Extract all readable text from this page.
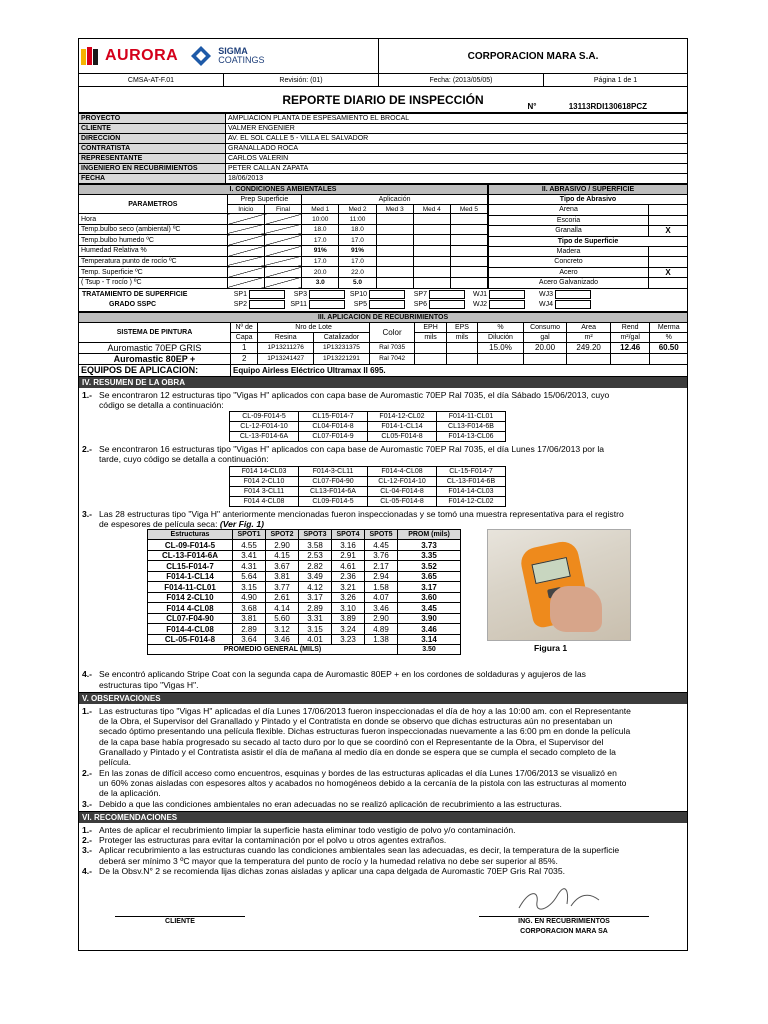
AURORA SIGMA
COATINGS		CORPORACION MARA S.A.	
CMSA-AT-F.01	Revisión: (01)	Fecha: (2013/05/05)	Página 1 de 1

REPORTE DIARIO DE INSPECCIÓN N° 13113RDI130618PCZ			
PROYECTO	AMPLIACION PLANTA DE ESPESAMIENTO EL BROCAL
CLIENTE	VALMER ENGENIER
DIRECCION	AV. EL SOL CALLE 5 - VILLA EL SALVADOR
CONTRATISTA	GRANALLADO ROCA
REPRESENTANTE	CARLOS VALERIN
INGENIERO EN RECUBRIMIENTOS	PETER CALLAN ZAPATA
FECHA	18/06/2013
I. CONDICIONES AMBIENTALES							
PARAMETROS	Prep Superficie		Aplicación				
	Inicio	Final	Med 1	Med 2	Med 3	Med 4	Med 5
Hora			10:00	11:00			
Temp.bulbo seco (ambiental) ºC			18.0	18.0			
Temp.bulbo humedo ºC			17.0	17.0			
Humedad Relativa %			91%	91%			
Temperatura punto de rocío ºC			17.0	17.0			
Temp. Superficie ºC			20.0	22.0			
( Tsup - T rocío ) ºC			3.0	5.0			
II. ABRASIVO / SUPERFICIE	
Tipo de Abrasivo	
Arena	
Escoria	
Granalla	X
Tipo de Superficie	
Madera	
Concreto	
Acero	X
Acero Galvanizado	
TRATAMIENTO DE SUPERFICIE
GRADO SSPC
SP1	SP3	SP10	SP7	WJ1	WJ3
SP2	SP11	SP5	SP6	WJ2	WJ4
III. APLICACION DE RECUBRIMIENTOS											
SISTEMA DE PINTURA	Nº de	Nro de Lote		Color	EPH	EPS	%	Consumo	Area	Rend	Merma
	Capa	Resina	Catalizador		mils	mils	Dilución	gal	m²	m²/gal	%
Auromastic 70EP GRIS	1	1P13211276	1P13231375	Ral 7035			15.0%	20.00	249.20	12.46	60.50
Auromastic 80EP +	2	1P13241427	1P13221291	Ral 7042							
EQUIPOS DE APLICACION:	Equipo Airless Eléctrico Ultramax II 695.										
IV. RESUMEN DE LA OBRA
1.- Se encontraron 12 estructuras tipo "Vigas H" aplicados con capa base de Auromastic 70EP Ral 7035, el día Sábado 15/06/2013, cuyo
código se detalla a continuación:
CL-09-F014-5	CL15-F014-7	F014-12-CL02	F014-11-CL01
CL-12-F014-10	CL04-F014-8	F014-1-CL14	CL13-F014-6B
CL-13-F014-6A	CL07-F014-9	CL05-F014-8	F014-13-CL06
2.- Se encontraron 16 estructuras tipo "Vigas H" aplicados con capa base de Auromastic 70EP Ral 7035, el día Lunes 17/06/2013 por la
tarde, cuyo código se detalla a continuación:
F014 14-CL03	F014-3-CL11	F014-4-CL08	CL-15-F014-7
F014 2-CL10	CL07-F04-90	CL-12-F014-10	CL-13-F014-6B
F014 3-CL11	CL13-F014-6A	CL-04-F014-8	F014-14-CL03
F014 4-CL08	CL09-F014-5	CL-05-F014-8	F014-12-CL02
3.- Las 28 estructuras tipo "Viga H" anteriormente mencionadas fueron inspeccionadas y se tomó una muestra representativa para el registro
de espesores de película seca: (Ver Fig. 1)
Estructuras	SPOT1	SPOT2	SPOT3	SPOT4	SPOT5	PROM (mils)
CL-09-F014-5	4.55	2.90	3.58	3.16	4.45	3.73
CL-13-F014-6A	3.41	4.15	2.53	2.91	3.76	3.35
CL15-F014-7	4.31	3.67	2.82	4.61	2.17	3.52
F014-1-CL14	5.64	3.81	3.49	2.36	2.94	3.65
F014-11-CL01	3.15	3.77	4.12	3.21	1.58	3.17
F014 2-CL10	4.90	2.61	3.17	3.26	4.07	3.60
F014 4-CL08	3.68	4.14	2.89	3.10	3.46	3.45
CL07-F04-90	3.81	5.60	3.31	3.89	2.90	3.90
F014-4-CL08	2.89	3.12	3.15	3.24	4.89	3.46
CL-05-F014-8	3.64	3.46	4.01	3.23	1.38	3.14
PROMEDIO GENERAL (MILS)						3.50	Figura 1
4.- Se encontró aplicando Stripe Coat con la segunda capa de Auromastic 80EP + en los cordones de soldaduras y agujeros de las
estructuras tipo "Vigas H".
V. OBSERVACIONES
1.- Las estructuras tipo "Vigas H" aplicadas el día Lunes 17/06/2013 fueron inspeccionadas el día de hoy a las 10:00 am. con el Representante
de la Obra, el Supervisor del Granallado y Pintado y el Contratista en donde se observo que dichas estructuras aún no presentaban un
secado óptimo presentando una película flexible. Dichas estructuras fueron inspeccionadas nuevamente a las 6:00 pm en donde la película
de la capa base había progresado su secado al tacto duro por lo que se coordinó con el Representante de la Obra, el Supervisor del
Granallado y Pintado y el Contratista asistir el día de mañana al medio día en donde se espera que se cumpla el secado completo de la
película.
2.- En las zonas de difícil acceso como encuentros, esquinas y bordes de las estructuras aplicadas el día Lunes 17/06/2013 se visualizó en
un 60% zonas aisladas con espesores altos y acabados no homogéneos debido a la cercanía de la pistola con las estructuras al momento
de la aplicación.
3.- Debido a que las condiciones ambientales no eran adecuadas no se realizó aplicación de recubrimiento a las estructuras.
VI. RECOMENDACIONES
1.- Antes de aplicar el recubrimiento limpiar la superficie hasta eliminar todo vestigio de polvo y/o contaminación.
2.- Proteger las estructuras para evitar la contaminación por el polvo u otros agentes extraños.
3.- Aplicar recubrimiento a las estructuras cuando las condiciones ambientales sean las adecuadas, es decir, la temperatura de la superficie
deberá ser mínimo 3 ºC mayor que la temperatura del punto de rocío y la humedad relativa no debe ser superior al 85%.
4.- De la Obsv.N° 2 se recomienda lijas dichas zonas aisladas y aplicar una capa delgada de Auromastic 70EP Gris Ral 7035.
CLIENTE	ING. EN RECUBRIMIENTOS
CORPORACION MARA SA
